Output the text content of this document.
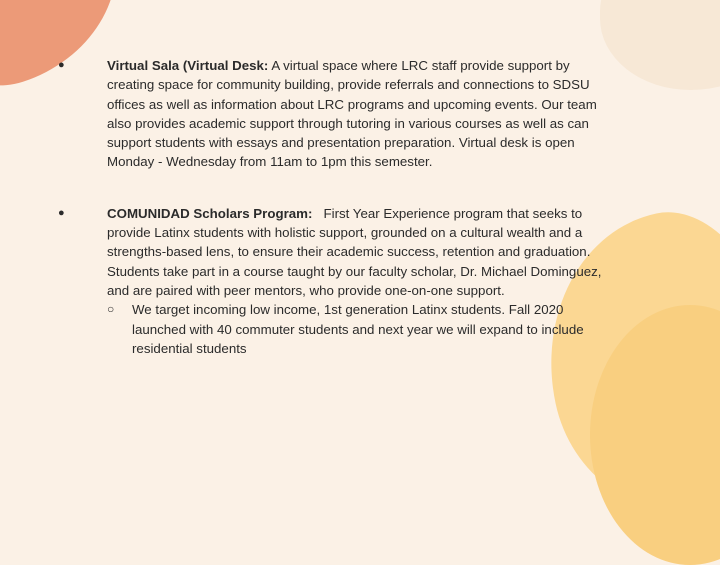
●	Virtual Sala (Virtual Desk: A virtual space where LRC staff provide support by creating space for community building, provide referrals and connections to SDSU offices as well as information about LRC programs and upcoming events. Our team also provides academic support through tutoring in various courses as well as can support students with essays and presentation preparation. Virtual desk is open Monday - Wednesday from 11am to 1pm this semester.
●	COMUNIDAD Scholars Program:   First Year Experience program that seeks to provide Latinx students with holistic support, grounded on a cultural wealth and a strengths-based lens, to ensure their academic success, retention and graduation. Students take part in a course taught by our faculty scholar, Dr. Michael Dominguez, and are paired with peer mentors, who provide one-on-one support.
○ We target incoming low income, 1st generation Latinx students. Fall 2020 launched with 40 commuter students and next year we will expand to include residential students
